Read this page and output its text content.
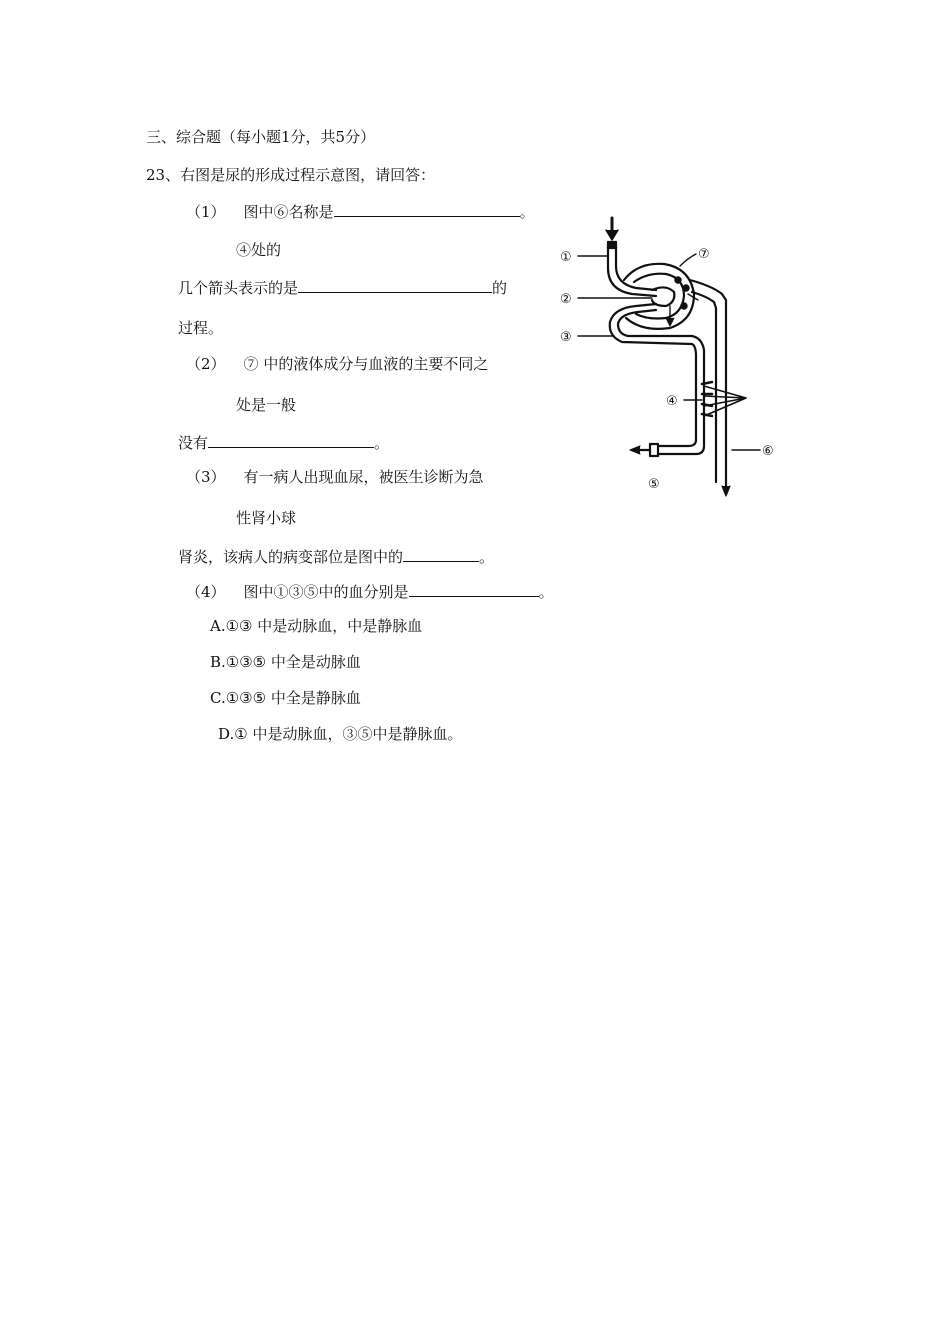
三、综合题（每小题1分，共5分）
23、右图是尿的形成过程示意图，请回答：
（1） 图中⑥名称是	。
④处的
几个箭头表示的是	的
过程。
（2） ⑦ 中的液体成分与血液的主要不同之
处是一般
没有	。
（3） 有一病人出现血尿，被医生诊断为急
性肾小球
肾炎，该病人的病变部位是图中的	。
（4） 图中①③⑤中的血分别是	。
A.①③ 中是动脉血，中是静脉血
B.①③⑤ 中全是动脉血
C.①③⑤ 中全是静脉血
D.① 中是动脉血，③⑤中是静脉血。
①
②
③
④
⑤
⑥
⑦
